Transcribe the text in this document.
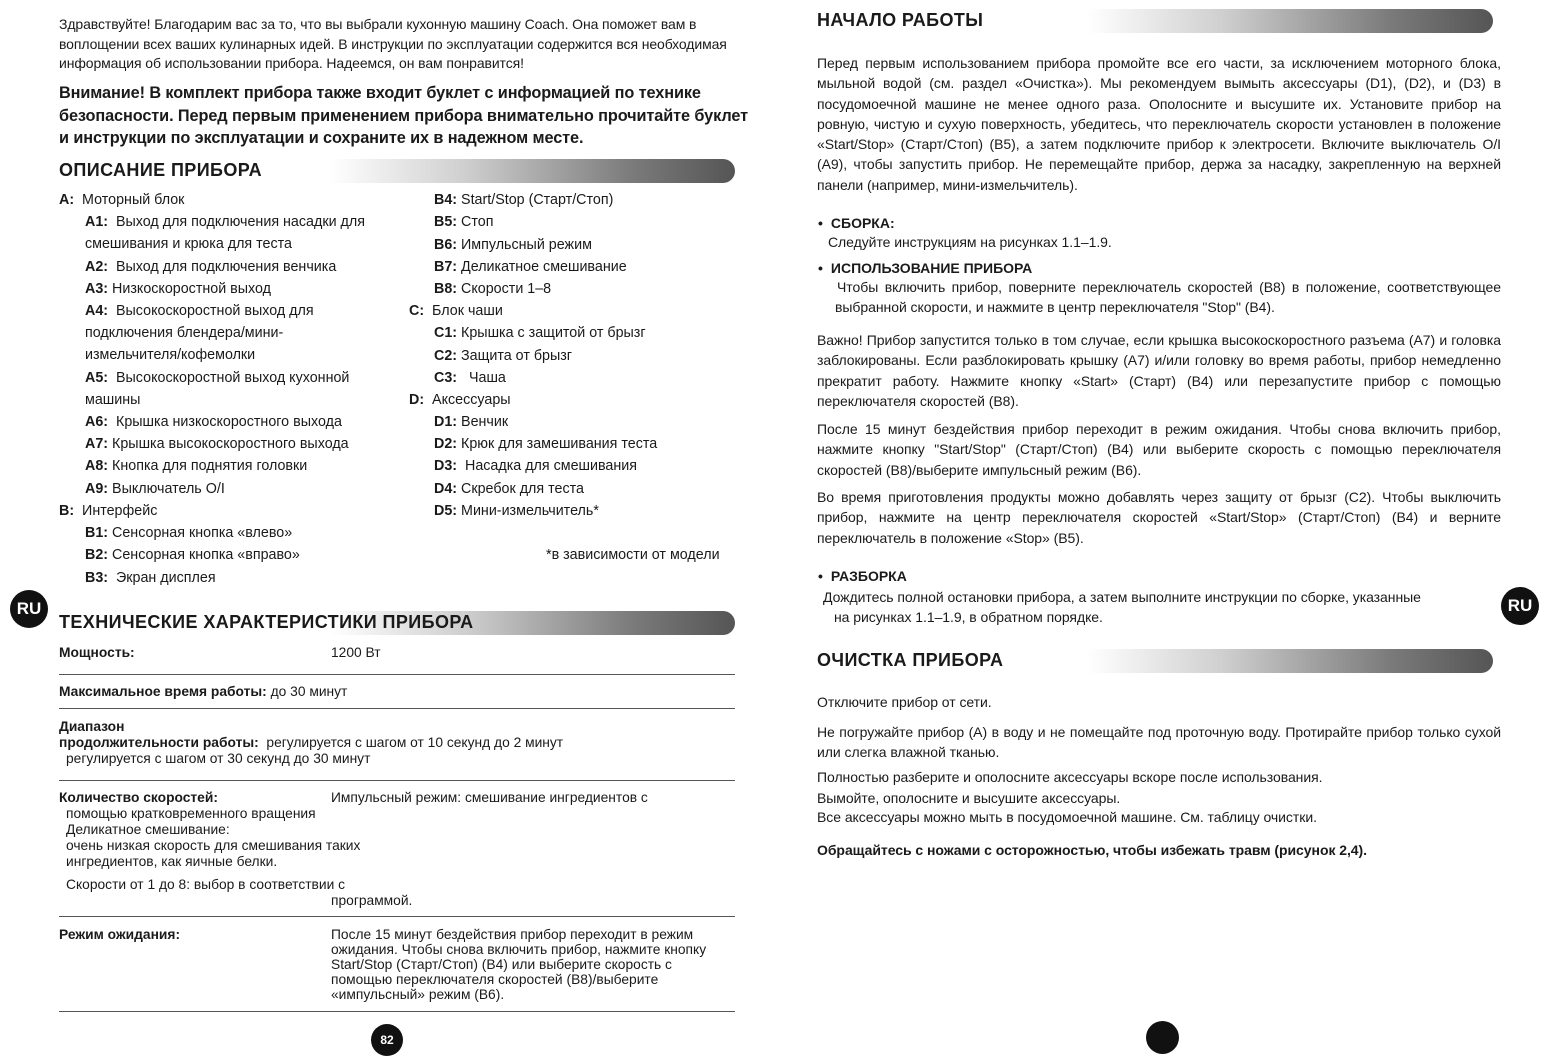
Здравствуйте! Благодарим вас за то, что вы выбрали кухонную машину Coach. Она поможет вам в воплощении всех ваших кулинарных идей. В инструкции по эксплуатации содержится вся необходимая информация об использовании прибора. Надеемся, он вам понравится!

Внимание! В комплект прибора также входит буклет с информацией по технике безопасности. Перед первым применением прибора внимательно прочитайте буклет и инструкции по эксплуатации и сохраните их в надежном месте.

ОПИСАНИЕ ПРИБОРА
A: Моторный блок
A1: Выход для подключения насадки для смешивания и крюка для теста
A2: Выход для подключения венчика
A3: Низкоскоростной выход
A4: Высокоскоростной выход для подключения блендера/мини-измельчителя/кофемолки
A5: Высокоскоростной выход кухонной машины
A6: Крышка низкоскоростного выхода
A7: Крышка высокоскоростного выхода
A8: Кнопка для поднятия головки
A9: Выключатель O/I
B: Интерфейс
B1: Сенсорная кнопка «влево»
B2: Сенсорная кнопка «вправо»
B3: Экран дисплея
B4: Start/Stop (Старт/Стоп)
B5: Стоп
B6: Импульсный режим
B7: Деликатное смешивание
B8: Скорости 1–8
C: Блок чаши
C1: Крышка с защитой от брызг
C2: Защита от брызг
C3: Чаша
D: Аксессуары
D1: Венчик
D2: Крюк для замешивания теста
D3: Насадка для смешивания
D4: Скребок для теста
D5: Мини-измельчитель*
*в зависимости от модели
RU
ТЕХНИЧЕСКИЕ ХАРАКТЕРИСТИКИ ПРИБОРА
Мощность:	1200 Вт
Максимальное время работы: до 30 минут
Диапазон
продолжительности работы: регулируется с шагом от 10 секунд до 2 минут
регулируется с шагом от 30 секунд до 30 минут
Количество скоростей:	Импульсный режим: смешивание ингредиентов с
помощью кратковременного вращения
Деликатное смешивание:
очень низкая скорость для смешивания таких
ингредиентов, как яичные белки.
Скорости от 1 до 8: выбор в соответствии с
программой.
Режим ожидания:	После 15 минут бездействия прибор переходит в режим ожидания. Чтобы снова включить прибор, нажмите кнопку Start/Stop (Старт/Стоп) (B4) или выберите скорость с помощью переключателя скоростей (B8)/выберите «импульсный» режим (B6).
82
НАЧАЛО РАБОТЫ

Перед первым использованием прибора промойте все его части, за исключением моторного блока, мыльной водой (см. раздел «Очистка»). Мы рекомендуем вымыть аксессуары (D1), (D2), и (D3) в посудомоечной машине не менее одного раза. Ополосните и высушите их. Установите прибор на ровную, чистую и сухую поверхность, убедитесь, что переключатель скорости установлен в положение «Start/Stop» (Старт/Стоп) (B5), а затем подключите прибор к электросети. Включите выключатель O/I (A9), чтобы запустить прибор. Не перемещайте прибор, держа за насадку, закрепленную на верхней панели (например, мини-измельчитель).

• СБОРКА:

Следуйте инструкциям на рисунках 1.1–1.9.

• ИСПОЛЬЗОВАНИЕ ПРИБОРА

Чтобы включить прибор, поверните переключатель скоростей (B8) в положение, соответствующее выбранной скорости, и нажмите в центр переключателя "Stop" (B4).

Важно! Прибор запустится только в том случае, если крышка высокоскоростного разъема (A7) и головка заблокированы. Если разблокировать крышку (A7) и/или головку во время работы, прибор немедленно прекратит работу. Нажмите кнопку «Start» (Старт) (B4) или перезапустите прибор с помощью переключателя скоростей (B8).

После 15 минут бездействия прибор переходит в режим ожидания. Чтобы снова включить прибор, нажмите кнопку "Start/Stop" (Старт/Стоп) (B4) или выберите скорость с помощью переключателя скоростей (B8)/выберите импульсный режим (B6).

Во время приготовления продукты можно добавлять через защиту от брызг (C2). Чтобы выключить прибор, нажмите на центр переключателя скоростей «Start/Stop» (Старт/Стоп) (B4) и верните переключатель в положение «Stop» (B5).

• РАЗБОРКА

Дождитесь полной остановки прибора, а затем выполните инструкции по сборке, указанные

на рисунках 1.1–1.9, в обратном порядке.

RU
ОЧИСТКА ПРИБОРА

Отключите прибор от сети.

Не погружайте прибор (A) в воду и не помещайте под проточную воду. Протирайте прибор только сухой или слегка влажной тканью.

Полностью разберите и ополосните аксессуары вскоре после использования.

Вымойте, ополосните и высушите аксессуары.

Все аксессуары можно мыть в посудомоечной машине. См. таблицу очистки.

Обращайтесь с ножами с осторожностью, чтобы избежать травм (рисунок 2,4).
